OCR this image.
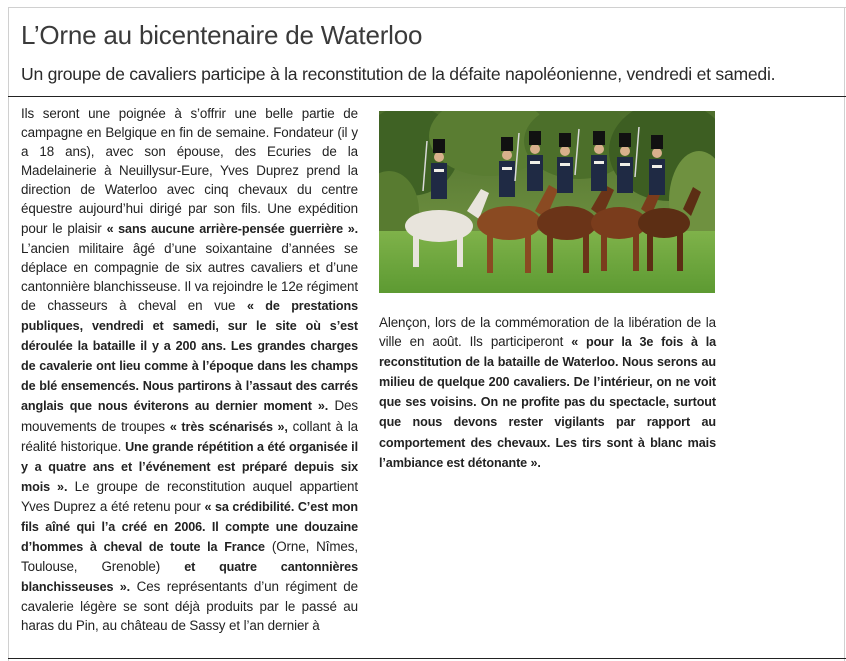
L’Orne au bicentenaire de Waterloo
Un groupe de cavaliers participe à la reconstitution de la défaite napoléonienne, vendredi et samedi.
Ils seront une poignée à s’offrir une belle partie de campagne en Belgique en fin de semaine. Fondateur (il y a 18 ans), avec son épouse, des Ecuries de la Madelainerie à Neuillysur-Eure, Yves Duprez prend la direction de Waterloo avec cinq chevaux du centre équestre aujourd’hui dirigé par son fils. Une expédition pour le plaisir « sans aucune arrière-pensée guerrière ». L’ancien militaire âgé d’une soixantaine d’années se déplace en compagnie de six autres cavaliers et d’une cantonnière blanchisseuse. Il va rejoindre le 12e régiment de chasseurs à cheval en vue « de prestations publiques, vendredi et samedi, sur le site où s’est déroulée la bataille il y a 200 ans. Les grandes charges de cavalerie ont lieu comme à l’époque dans les champs de blé ensemencés. Nous partirons à l’assaut des carrés anglais que nous éviterons au dernier moment ». Des mouvements de troupes « très scénarisés », collant à la réalité historique. Une grande répétition a été organisée il y a quatre ans et l’événement est préparé depuis six mois ». Le groupe de reconstitution auquel appartient Yves Duprez a été retenu pour « sa crédibilité. C’est mon fils aîné qui l’a créé en 2006. Il compte une douzaine d’hommes à cheval de toute la France (Orne, Nîmes, Toulouse, Grenoble) et quatre cantonnières blanchisseuses ». Ces représentants d’un régiment de cavalerie légère se sont déjà produits par le passé au haras du Pin, au château de Sassy et l’an dernier à
Alençon, lors de la commémoration de la libération de la ville en août. Ils participeront « pour la 3e fois à la reconstitution de la bataille de Waterloo. Nous serons au milieu de quelque 200 cavaliers. De l’intérieur, on ne voit que ses voisins. On ne profite pas du spectacle, surtout que nous devons rester vigilants par rapport au comportement des chevaux. Les tirs sont à blanc mais l’ambiance est détonante ».
